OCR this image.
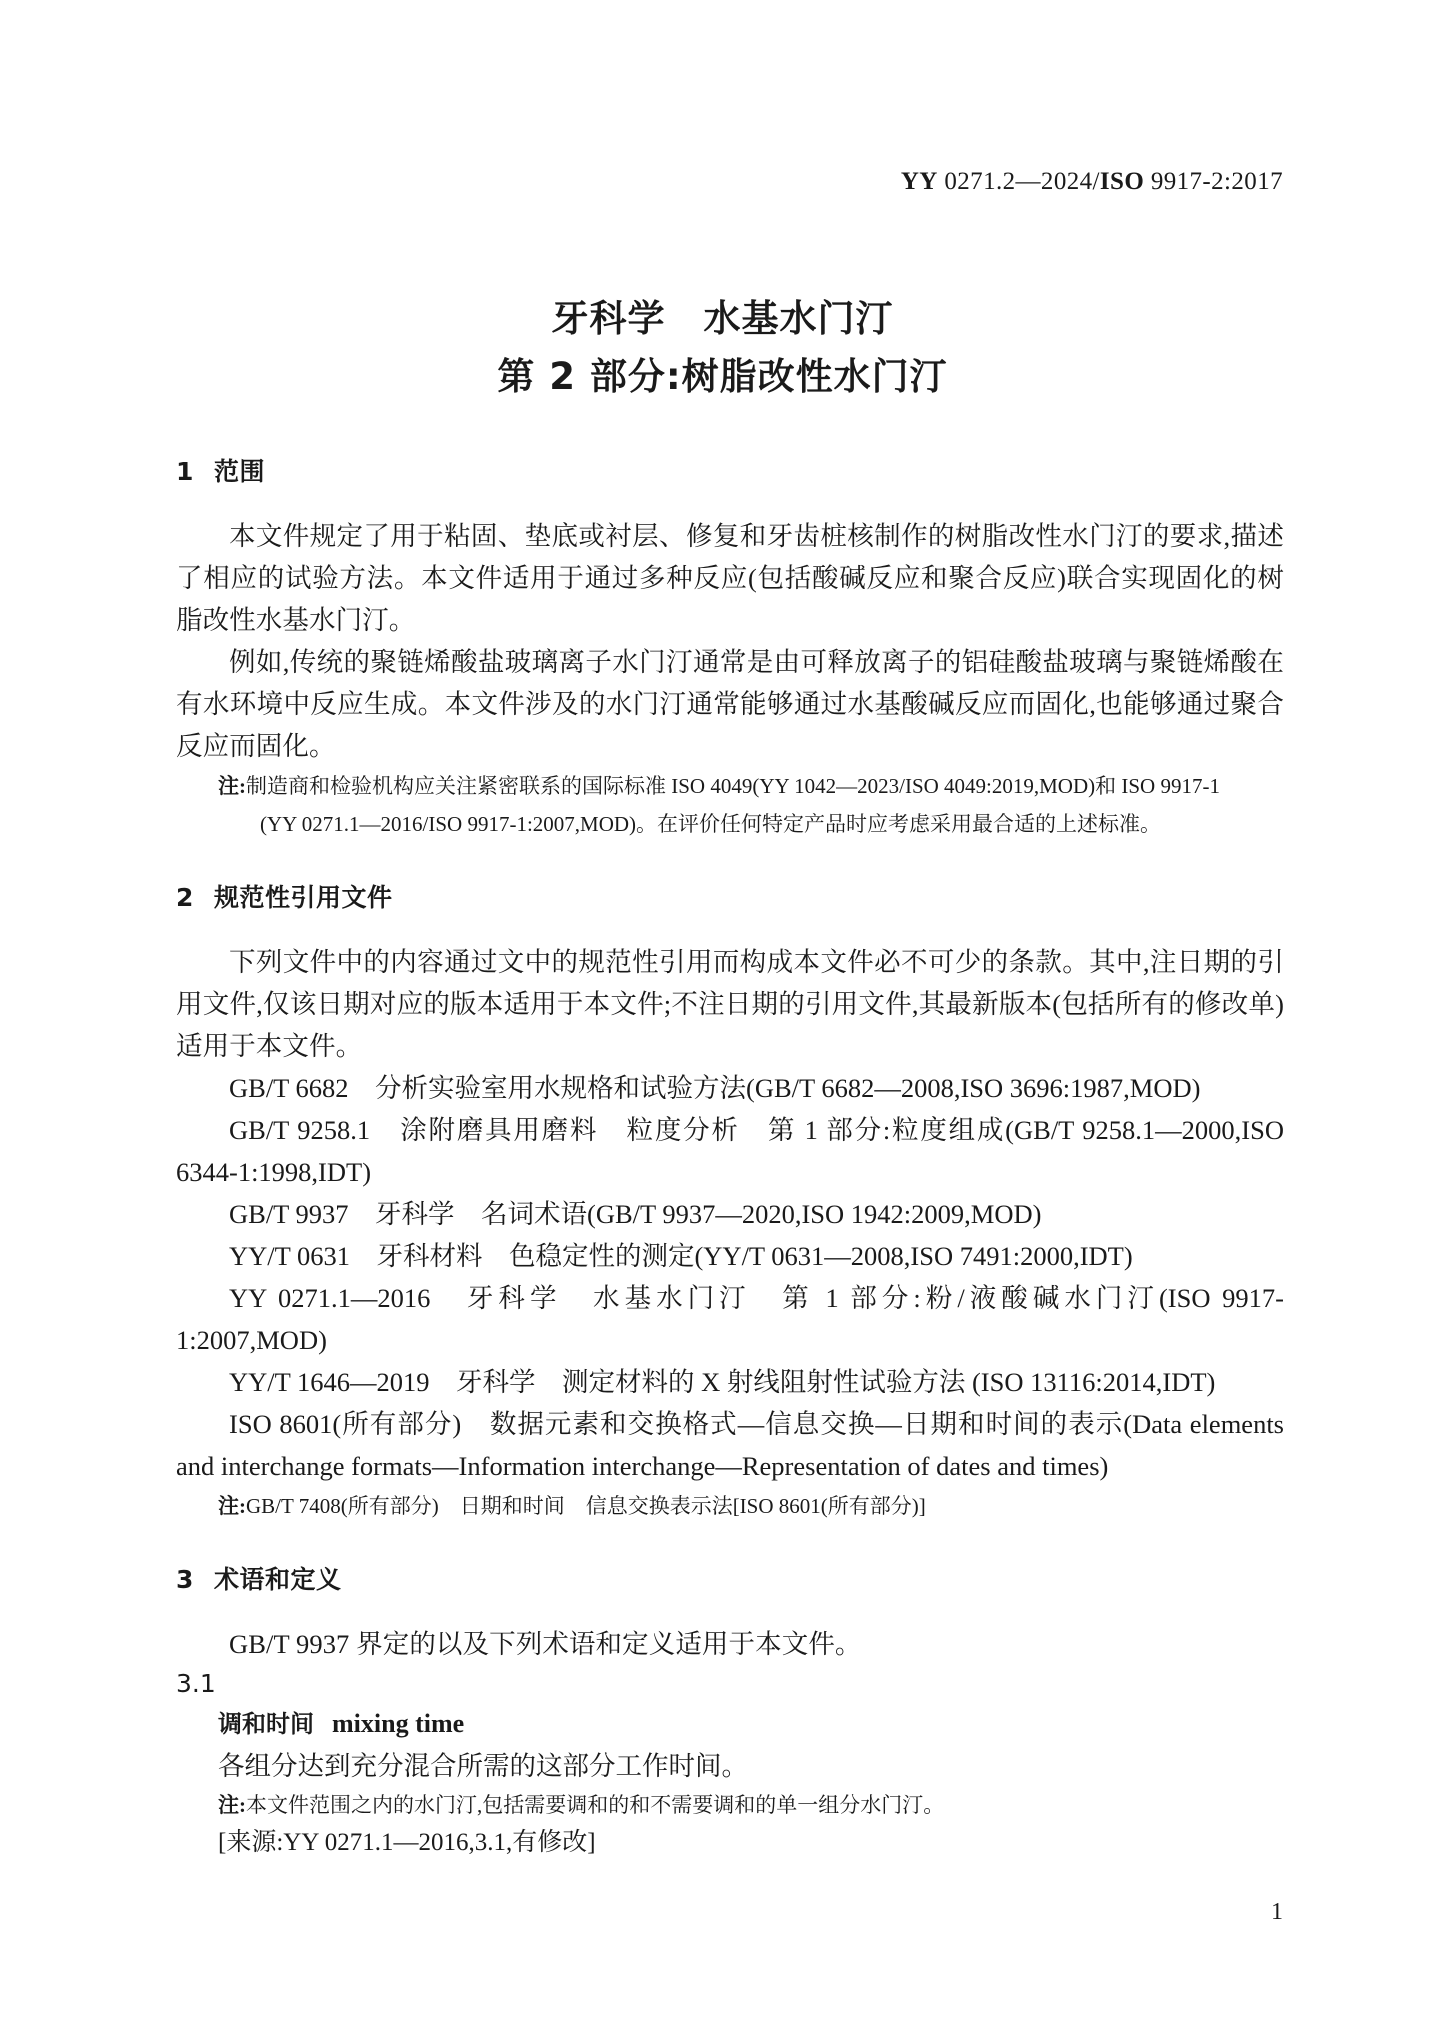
YY 0271.2—2024/ISO 9917-2:2017
牙科学　水基水门汀
第 2 部分:树脂改性水门汀
1 范围

本文件规定了用于粘固、垫底或衬层、修复和牙齿桩核制作的树脂改性水门汀的要求,描述了相应的试验方法。本文件适用于通过多种反应(包括酸碱反应和聚合反应)联合实现固化的树脂改性水基水门汀。

例如,传统的聚链烯酸盐玻璃离子水门汀通常是由可释放离子的铝硅酸盐玻璃与聚链烯酸在有水环境中反应生成。本文件涉及的水门汀通常能够通过水基酸碱反应而固化,也能够通过聚合反应而固化。

注:制造商和检验机构应关注紧密联系的国际标准 ISO 4049(YY 1042—2023/ISO 4049:2019,MOD)和 ISO 9917-1
(YY 0271.1—2016/ISO 9917-1:2007,MOD)。在评价任何特定产品时应考虑采用最合适的上述标准。

2 规范性引用文件

下列文件中的内容通过文中的规范性引用而构成本文件必不可少的条款。其中,注日期的引用文件,仅该日期对应的版本适用于本文件;不注日期的引用文件,其最新版本(包括所有的修改单)适用于本文件。

GB/T 6682　分析实验室用水规格和试验方法(GB/T 6682—2008,ISO 3696:1987,MOD)

GB/T 9258.1　涂附磨具用磨料　粒度分析　第 1 部分:粒度组成(GB/T 9258.1—2000,ISO 6344-1:1998,IDT)

GB/T 9937　牙科学　名词术语(GB/T 9937—2020,ISO 1942:2009,MOD)

YY/T 0631　牙科材料　色稳定性的测定(YY/T 0631—2008,ISO 7491:2000,IDT)

YY 0271.1—2016　牙科学　水基水门汀　第 1 部分:粉/液酸碱水门汀(ISO 9917-1:2007,MOD)

YY/T 1646—2019　牙科学　测定材料的 X 射线阻射性试验方法 (ISO 13116:2014,IDT)

ISO 8601(所有部分)　数据元素和交换格式—信息交换—日期和时间的表示(Data elements and interchange formats—Information interchange—Representation of dates and times)

注:GB/T 7408(所有部分)　日期和时间　信息交换表示法[ISO 8601(所有部分)]

3 术语和定义

GB/T 9937 界定的以及下列术语和定义适用于本文件。

3.1

调和时间 mixing time

各组分达到充分混合所需的这部分工作时间。

注:本文件范围之内的水门汀,包括需要调和的和不需要调和的单一组分水门汀。

[来源:YY 0271.1—2016,3.1,有修改]

1
